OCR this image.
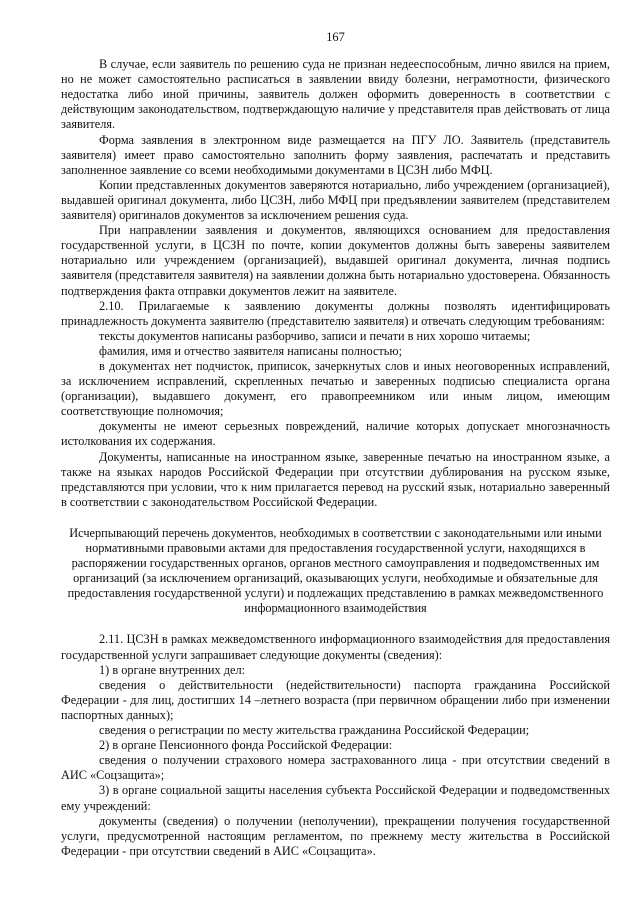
167

В случае, если заявитель по решению суда не признан недееспособным, лично явился на прием, но не может самостоятельно расписаться в заявлении ввиду болезни, неграмотности, физического недостатка либо иной причины, заявитель должен оформить доверенность в соответствии с действующим законодательством, подтверждающую наличие у представителя прав действовать от лица заявителя.

Форма заявления в электронном виде размещается на ПГУ ЛО. Заявитель (представитель заявителя) имеет право самостоятельно заполнить форму заявления, распечатать и представить заполненное заявление со всеми необходимыми документами в ЦСЗН либо МФЦ.

Копии представленных документов заверяются нотариально, либо учреждением (организацией), выдавшей оригинал документа, либо ЦСЗН, либо МФЦ при предъявлении заявителем (представителем заявителя) оригиналов документов за исключением решения суда.

При направлении заявления и документов, являющихся основанием для предоставления государственной услуги, в ЦСЗН по почте, копии документов должны быть заверены заявителем нотариально или учреждением (организацией), выдавшей оригинал документа, личная подпись заявителя (представителя заявителя) на заявлении должна быть нотариально удостоверена. Обязанность подтверждения факта отправки документов лежит на заявителе.

2.10. Прилагаемые к заявлению документы должны позволять идентифицировать принадлежность документа заявителю (представителю заявителя) и отвечать следующим требованиям:

тексты документов написаны разборчиво, записи и печати в них хорошо читаемы;

фамилия, имя и отчество заявителя написаны полностью;

в документах нет подчисток, приписок, зачеркнутых слов и иных неоговоренных исправлений, за исключением исправлений, скрепленных печатью и заверенных подписью специалиста органа (организации), выдавшего документ, его правопреемником или иным лицом, имеющим соответствующие полномочия;

документы не имеют серьезных повреждений, наличие которых допускает многозначность истолкования их содержания.

Документы, написанные на иностранном языке, заверенные печатью на иностранном языке, а также на языках народов Российской Федерации при отсутствии дублирования на русском языке, представляются при условии, что к ним прилагается перевод на русский язык, нотариально заверенный в соответствии с законодательством Российской Федерации.

Исчерпывающий перечень документов, необходимых в соответствии с законодательными или иными нормативными правовыми актами для предоставления государственной услуги, находящихся в распоряжении государственных органов, органов местного самоуправления и подведомственных им организаций (за исключением организаций, оказывающих услуги, необходимые и обязательные для предоставления государственной услуги) и подлежащих представлению в рамках межведомственного информационного взаимодействия

2.11. ЦСЗН в рамках межведомственного информационного взаимодействия для предоставления государственной услуги запрашивает следующие документы (сведения):

1) в органе внутренних дел:

сведения о действительности (недействительности) паспорта гражданина Российской Федерации - для лиц, достигших 14 –летнего возраста (при первичном обращении либо при изменении паспортных данных);

сведения о регистрации по месту жительства гражданина Российской Федерации;

2) в органе Пенсионного фонда Российской Федерации:

сведения о получении страхового номера застрахованного лица - при отсутствии сведений в АИС «Соцзащита»;

3) в органе социальной защиты населения субъекта Российской Федерации и подведомственных ему учреждений:

документы (сведения) о получении (неполучении), прекращении получения государственной услуги, предусмотренной настоящим регламентом, по прежнему месту жительства в Российской Федерации - при отсутствии сведений в АИС «Соцзащита».
